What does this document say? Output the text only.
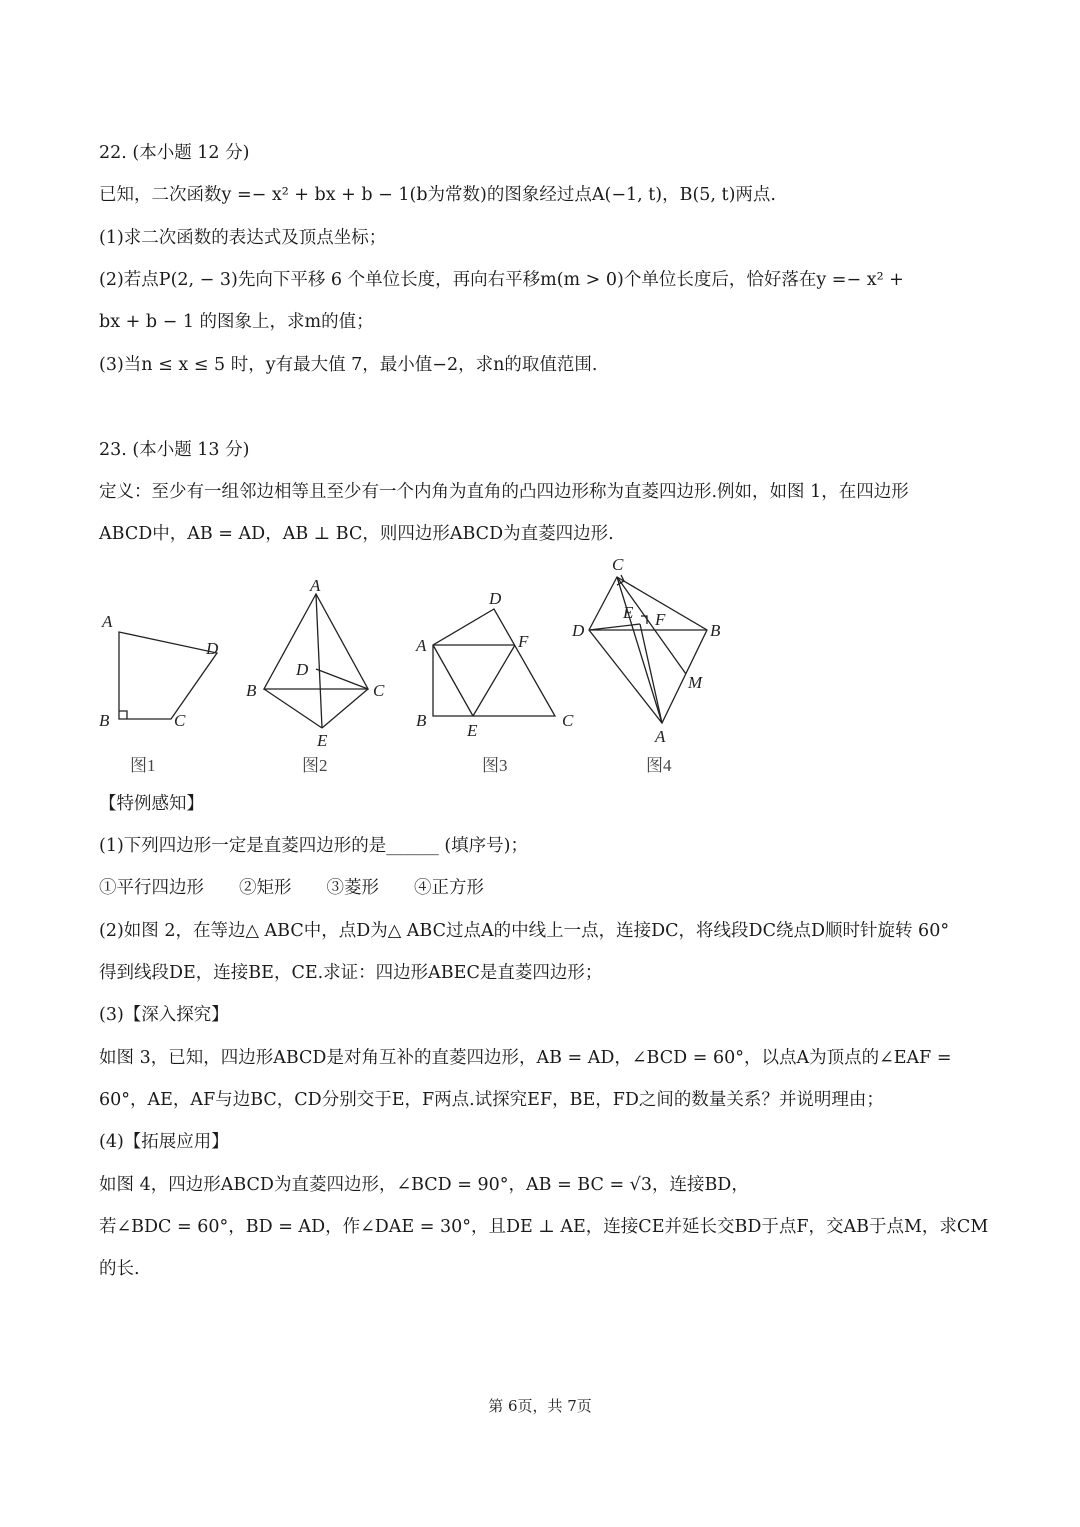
22. (本小题 12 分)
已知，二次函数y =− x² + bx + b − 1(b为常数)的图象经过点A(−1, t)，B(5, t)两点.
(1)求二次函数的表达式及顶点坐标；
(2)若点P(2, − 3)先向下平移 6 个单位长度，再向右平移m(m > 0)个单位长度后，恰好落在y =− x² +
bx + b − 1 的图象上，求m的值；
(3)当n ≤ x ≤ 5 时，y有最大值 7，最小值−2，求n的取值范围.
23. (本小题 13 分)
定义：至少有一组邻边相等且至少有一个内角为直角的凸四边形称为直菱四边形.例如，如图 1，在四边形
ABCD中，AB = AD，AB ⊥ BC，则四边形ABCD为直菱四边形.
A
B	C
D
图1
A
B	C
D
E
图2
A
B	C
D
E
F
图3
C
D	B
E F
M
A
图4
【特例感知】
(1)下列四边形一定是直菱四边形的是______ (填序号)；
①平行四边形　　②矩形　　③菱形　　④正方形
(2)如图 2，在等边△ ABC中，点D为△ ABC过点A的中线上一点，连接DC，将线段DC绕点D顺时针旋转 60°
得到线段DE，连接BE，CE.求证：四边形ABEC是直菱四边形；
(3)【深入探究】
如图 3，已知，四边形ABCD是对角互补的直菱四边形，AB = AD，∠BCD = 60°，以点A为顶点的∠EAF =
60°，AE，AF与边BC，CD分别交于E，F两点.试探究EF，BE，FD之间的数量关系？并说明理由；
(4)【拓展应用】
如图 4，四边形ABCD为直菱四边形，∠BCD = 90°，AB = BC = √3，连接BD，
若∠BDC = 60°，BD = AD，作∠DAE = 30°，且DE ⊥ AE，连接CE并延长交BD于点F，交AB于点M，求CM
的长.
第 6页，共 7页
